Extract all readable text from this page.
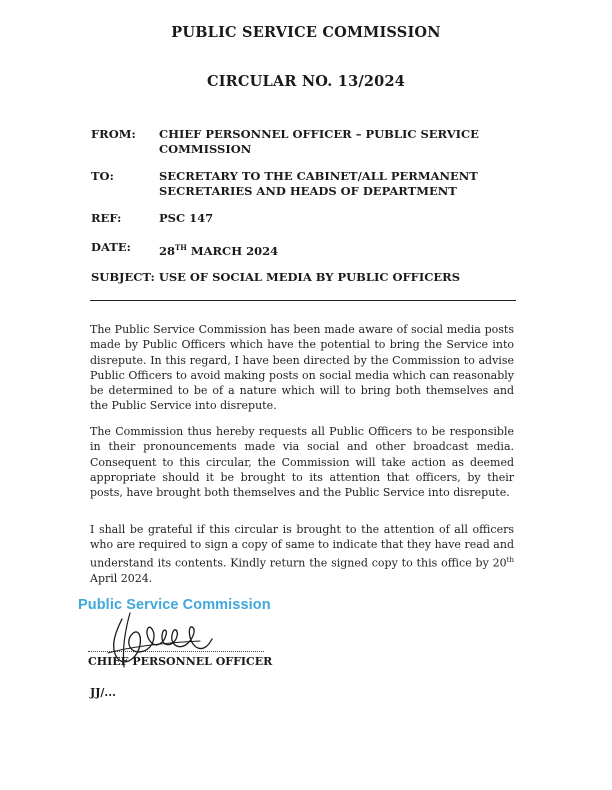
PUBLIC SERVICE COMMISSION
CIRCULAR NO. 13/2024
FROM: CHIEF PERSONNEL OFFICER – PUBLIC SERVICE COMMISSION
TO:	SECRETARY TO THE CABINET/ALL PERMANENT SECRETARIES AND HEADS OF DEPARTMENT
REF:	PSC 147
DATE: 28TH MARCH 2024
SUBJECT: USE OF SOCIAL MEDIA BY PUBLIC OFFICERS

The Public Service Commission has been made aware of social media posts made by Public Officers which have the potential to bring the Service into disrepute. In this regard, I have been directed by the Commission to advise Public Officers to avoid making posts on social media which can reasonably be determined to be of a nature which will to bring both themselves and the Public Service into disrepute.

The Commission thus hereby requests all Public Officers to be responsible in their pronouncements made via social and other broadcast media. Consequent to this circular, the Commission will take action as deemed appropriate should it be brought to its attention that officers, by their posts, have brought both themselves and the Public Service into disrepute.

I shall be grateful if this circular is brought to the attention of all officers who are required to sign a copy of same to indicate that they have read and understand its contents. Kindly return the signed copy to this office by 20th April 2024.

Public Service Commission
CHIEF PERSONNEL OFFICER
JJ/...
